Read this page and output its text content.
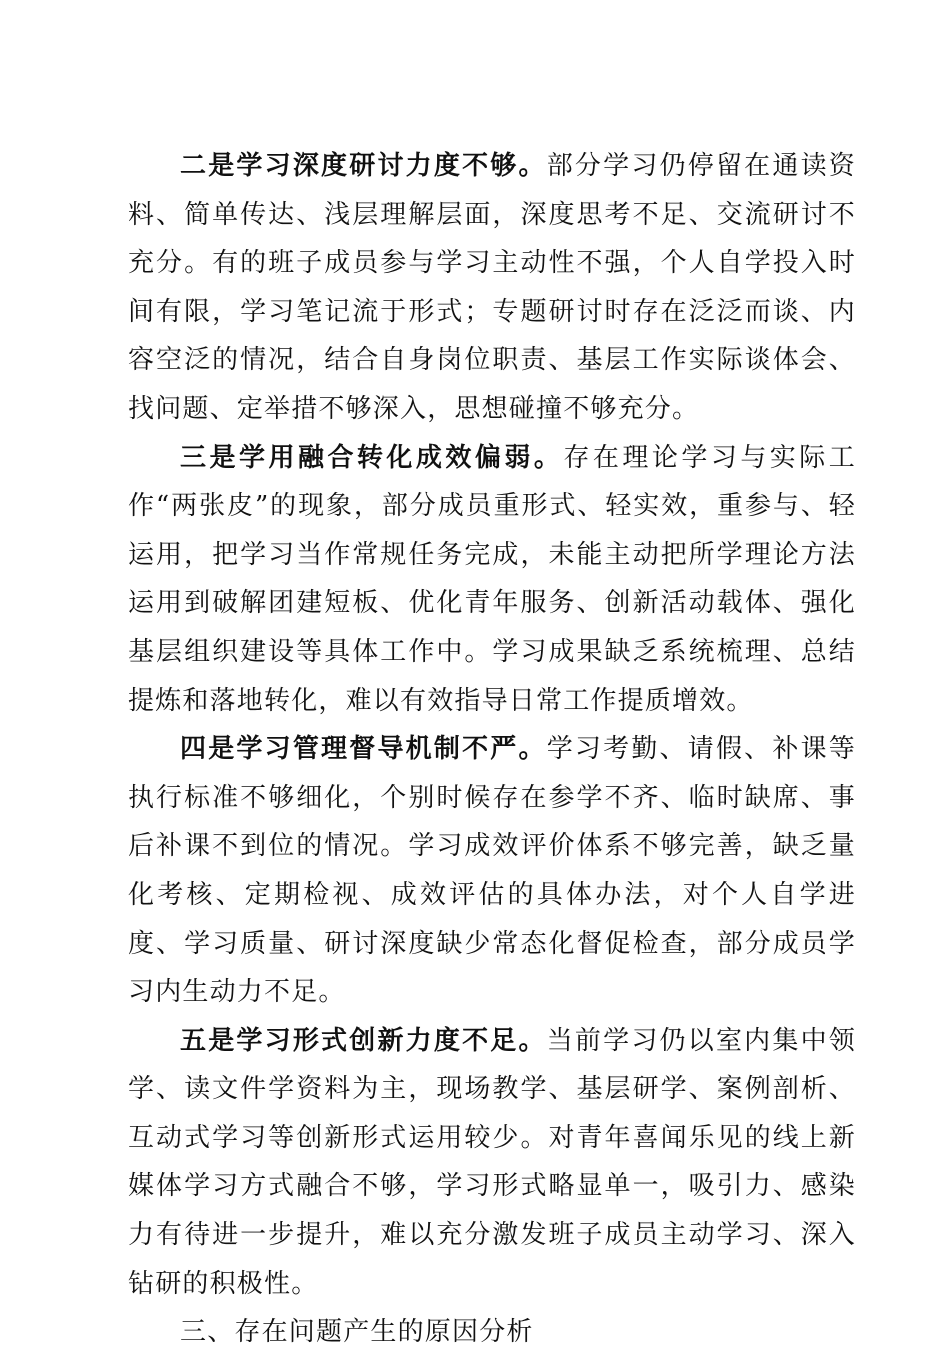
二是学习深度研讨力度不够。部分学习仍停留在通读资料、简单传达、浅层理解层面，深度思考不足、交流研讨不充分。有的班子成员参与学习主动性不强，个人自学投入时间有限，学习笔记流于形式；专题研讨时存在泛泛而谈、内容空泛的情况，结合自身岗位职责、基层工作实际谈体会、找问题、定举措不够深入，思想碰撞不够充分。

三是学用融合转化成效偏弱。存在理论学习与实际工作“两张皮”的现象，部分成员重形式、轻实效，重参与、轻运用，把学习当作常规任务完成，未能主动把所学理论方法运用到破解团建短板、优化青年服务、创新活动载体、强化基层组织建设等具体工作中。学习成果缺乏系统梳理、总结提炼和落地转化，难以有效指导日常工作提质增效。

四是学习管理督导机制不严。学习考勤、请假、补课等执行标准不够细化，个别时候存在参学不齐、临时缺席、事后补课不到位的情况。学习成效评价体系不够完善，缺乏量化考核、定期检视、成效评估的具体办法，对个人自学进度、学习质量、研讨深度缺少常态化督促检查，部分成员学习内生动力不足。

五是学习形式创新力度不足。当前学习仍以室内集中领学、读文件学资料为主，现场教学、基层研学、案例剖析、互动式学习等创新形式运用较少。对青年喜闻乐见的线上新媒体学习方式融合不够，学习形式略显单一，吸引力、感染力有待进一步提升，难以充分激发班子成员主动学习、深入钻研的积极性。

三、存在问题产生的原因分析
